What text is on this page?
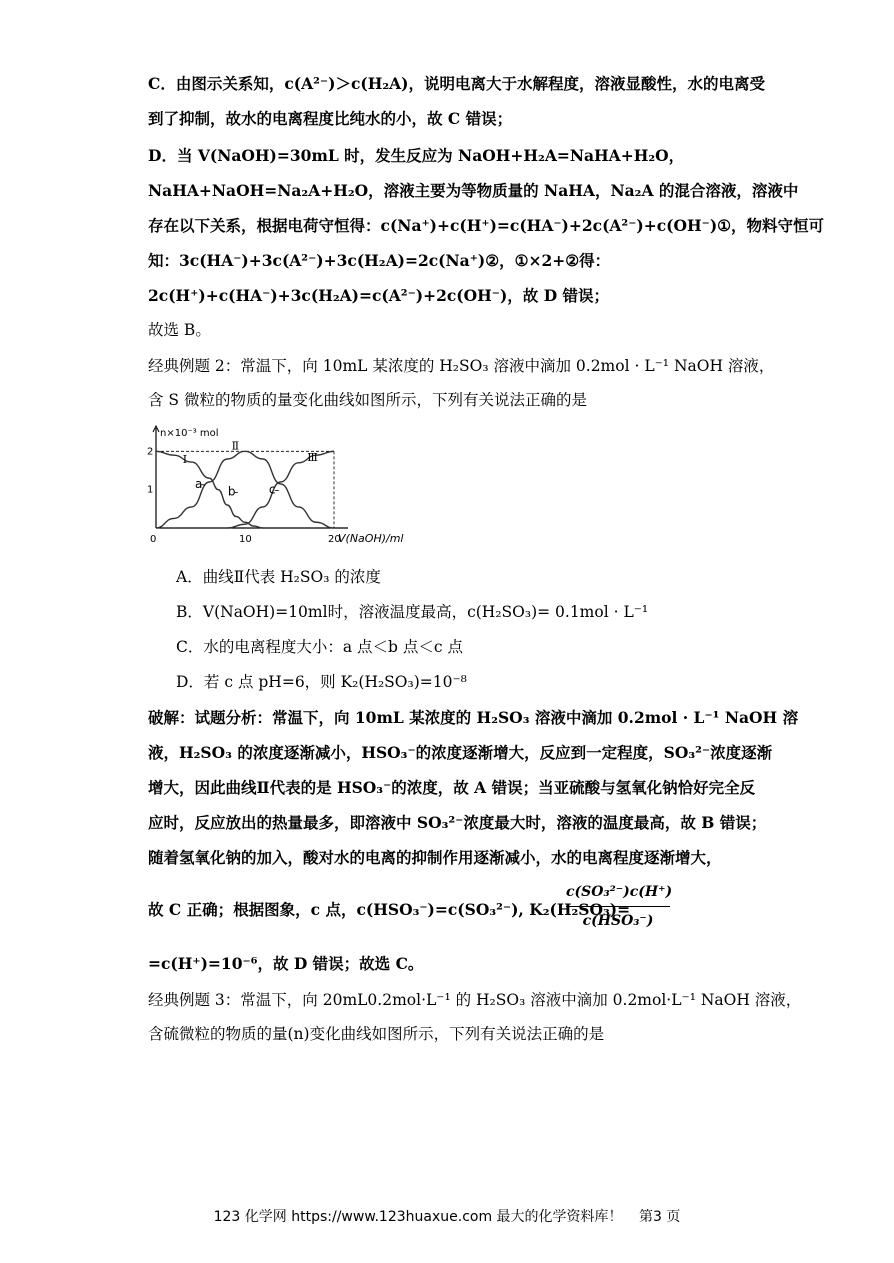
C．由图示关系知，c(A²⁻)＞c(H₂A)，说明电离大于水解程度，溶液显酸性，水的电离受
到了抑制，故水的电离程度比纯水的小，故 C 错误；
D．当 V(NaOH)=30mL 时，发生反应为 NaOH+H₂A=NaHA+H₂O，
NaHA+NaOH=Na₂A+H₂O，溶液主要为等物质量的 NaHA，Na₂A 的混合溶液，溶液中
存在以下关系，根据电荷守恒得：c(Na⁺)+c(H⁺)=c(HA⁻)+2c(A²⁻)+c(OH⁻)①，物料守恒可
知：3c(HA⁻)+3c(A²⁻)+3c(H₂A)=2c(Na⁺)②，①×2+②得：
2c(H⁺)+c(HA⁻)+3c(H₂A)=c(A²⁻)+2c(OH⁻)，故 D 错误；
故选 B。
经典例题 2：常温下，向 10mL 某浓度的 H₂SO₃ 溶液中滴加 0.2mol · L⁻¹ NaOH 溶液，
含 S 微粒的物质的量变化曲线如图所示，下列有关说法正确的是
1
2
0	10	20
n×10⁻³ mol
V(NaOH)/ml
Ⅰ
Ⅱ
Ⅲ
a
b	c
A．曲线Ⅱ代表 H₂SO₃ 的浓度
B．V(NaOH)=10ml时，溶液温度最高，c(H₂SO₃)= 0.1mol · L⁻¹
C．水的电离程度大小：a 点＜b 点＜c 点
D．若 c 点 pH=6，则 K₂(H₂SO₃)=10⁻⁸
破解：试题分析：常温下，向 10mL 某浓度的 H₂SO₃ 溶液中滴加 0.2mol · L⁻¹ NaOH 溶
液，H₂SO₃ 的浓度逐渐减小，HSO₃⁻的浓度逐渐增大，反应到一定程度，SO₃²⁻浓度逐渐
增大，因此曲线Ⅱ代表的是 HSO₃⁻的浓度，故 A 错误；当亚硫酸与氢氧化钠恰好完全反
应时，反应放出的热量最多，即溶液中 SO₃²⁻浓度最大时，溶液的温度最高，故 B 错误；
随着氢氧化钠的加入，酸对水的电离的抑制作用逐渐减小，水的电离程度逐渐增大，
故 C 正确；根据图象，c 点，c(HSO₃⁻)=c(SO₃²⁻), K₂(H₂SO₃)=
c(SO₃²⁻)c(H⁺)
c(HSO₃⁻)
=c(H⁺)=10⁻⁶，故 D 错误；故选 C。
经典例题 3：常温下，向 20mL0.2mol·L⁻¹ 的 H₂SO₃ 溶液中滴加 0.2mol·L⁻¹ NaOH 溶液，
含硫微粒的物质的量(n)变化曲线如图所示，下列有关说法正确的是
123 化学网 https://www.123huaxue.com 最大的化学资料库！ 第3 页
